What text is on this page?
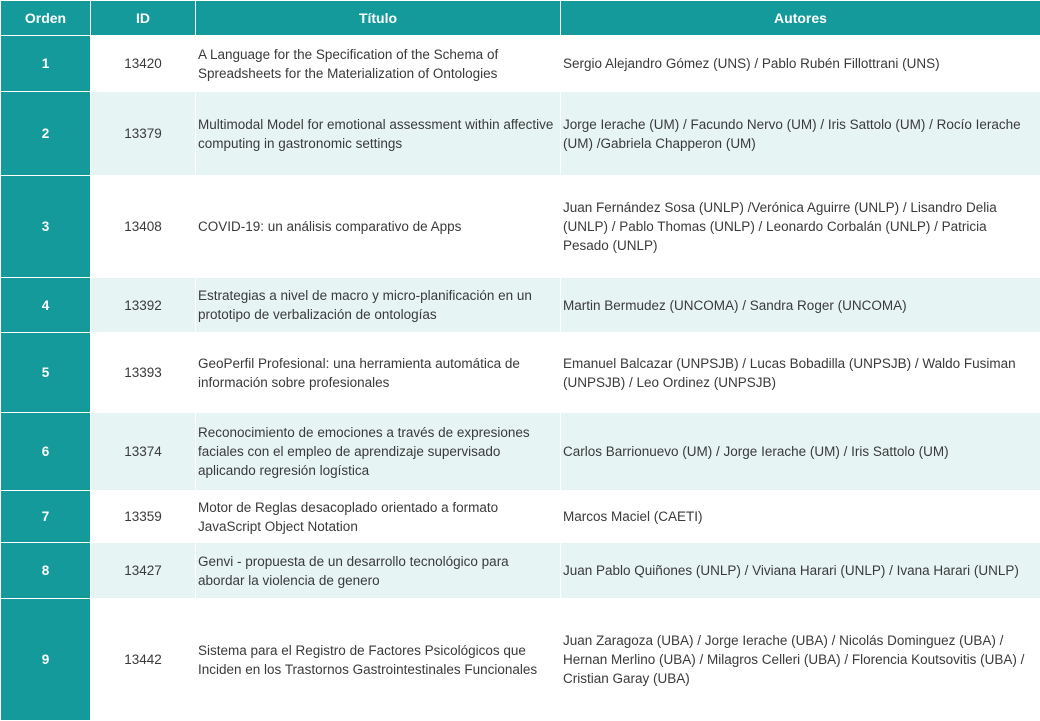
Orden	ID	Título	Autores
1	13420	A Language for the Specification of the Schema of Spreadsheets for the Materialization of Ontologies	Sergio Alejandro Gómez (UNS) / Pablo Rubén Fillottrani (UNS)
2	13379	Multimodal Model for emotional assessment within affective computing in gastronomic settings	Jorge Ierache (UM) / Facundo Nervo (UM) / Iris Sattolo (UM) / Rocío Ierache (UM) /Gabriela Chapperon (UM)
3	13408	COVID-19: un análisis comparativo de Apps	Juan Fernández Sosa (UNLP) /Verónica Aguirre (UNLP) / Lisandro Delia (UNLP) / Pablo Thomas (UNLP) / Leonardo Corbalán (UNLP) / Patricia Pesado (UNLP)
4	13392	Estrategias a nivel de macro y micro-planificación en un prototipo de verbalización de ontologías	Martin Bermudez (UNCOMA) / Sandra Roger (UNCOMA)
5	13393	GeoPerfil Profesional: una herramienta automática de información sobre profesionales	Emanuel Balcazar (UNPSJB) / Lucas Bobadilla (UNPSJB) / Waldo Fusiman (UNPSJB) / Leo Ordinez (UNPSJB)
6	13374	Reconocimiento de emociones a través de expresiones faciales con el empleo de aprendizaje supervisado aplicando regresión logística	Carlos Barrionuevo (UM) / Jorge Ierache (UM) / Iris Sattolo (UM)
7	13359	Motor de Reglas desacoplado orientado a formato JavaScript Object Notation	Marcos Maciel (CAETI)
8	13427	Genvi - propuesta de un desarrollo tecnológico para abordar la violencia de genero	Juan Pablo Quiñones (UNLP) / Viviana Harari (UNLP) / Ivana Harari (UNLP)
9	13442	Sistema para el Registro de Factores Psicológicos que Inciden en los Trastornos Gastrointestinales Funcionales	Juan Zaragoza (UBA) / Jorge Ierache (UBA) / Nicolás Dominguez (UBA) / Hernan Merlino (UBA) / Milagros Celleri (UBA) / Florencia Koutsovitis (UBA) / Cristian Garay (UBA)
